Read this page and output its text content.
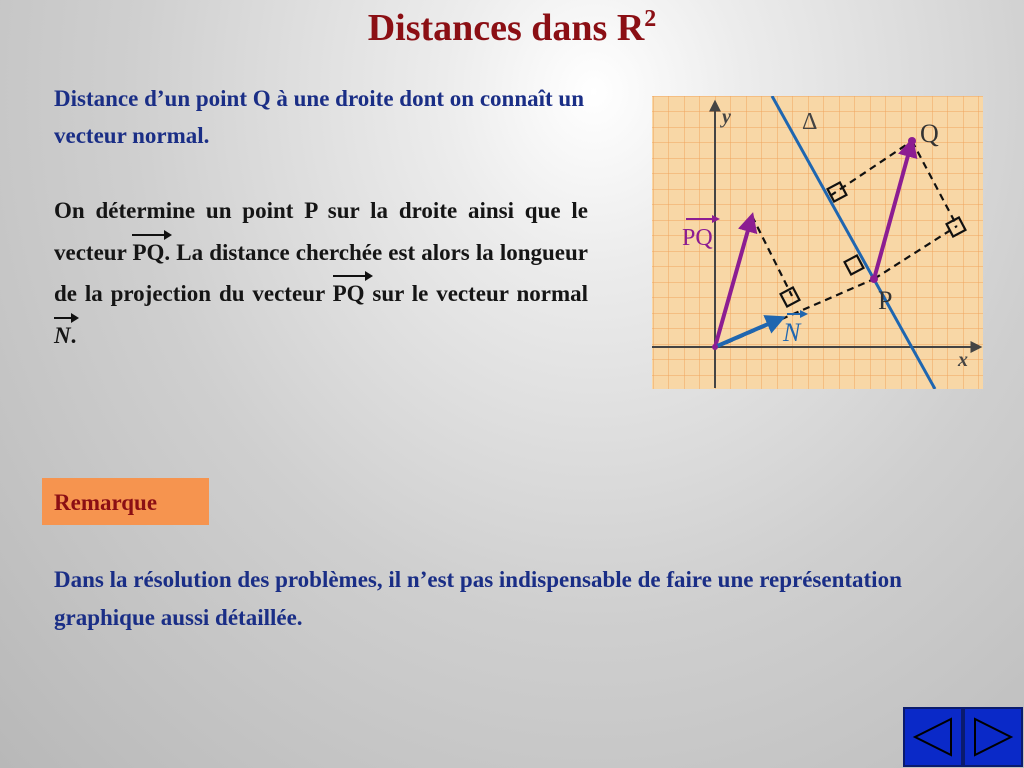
Distances dans $R^2$
Distance d’un point Q à une droite dont on connaît un vecteur normal.
On détermine un point P sur la droite ainsi que le vecteur PQ. La distance cherchée est alors la longueur de la projection du vecteur PQ sur le vecteur normal N.
y
x
Δ	Q
P
PQ
N
Remarque
Dans la résolution des problèmes, il n’est pas indispensable de faire une représentation graphique aussi détaillée.
